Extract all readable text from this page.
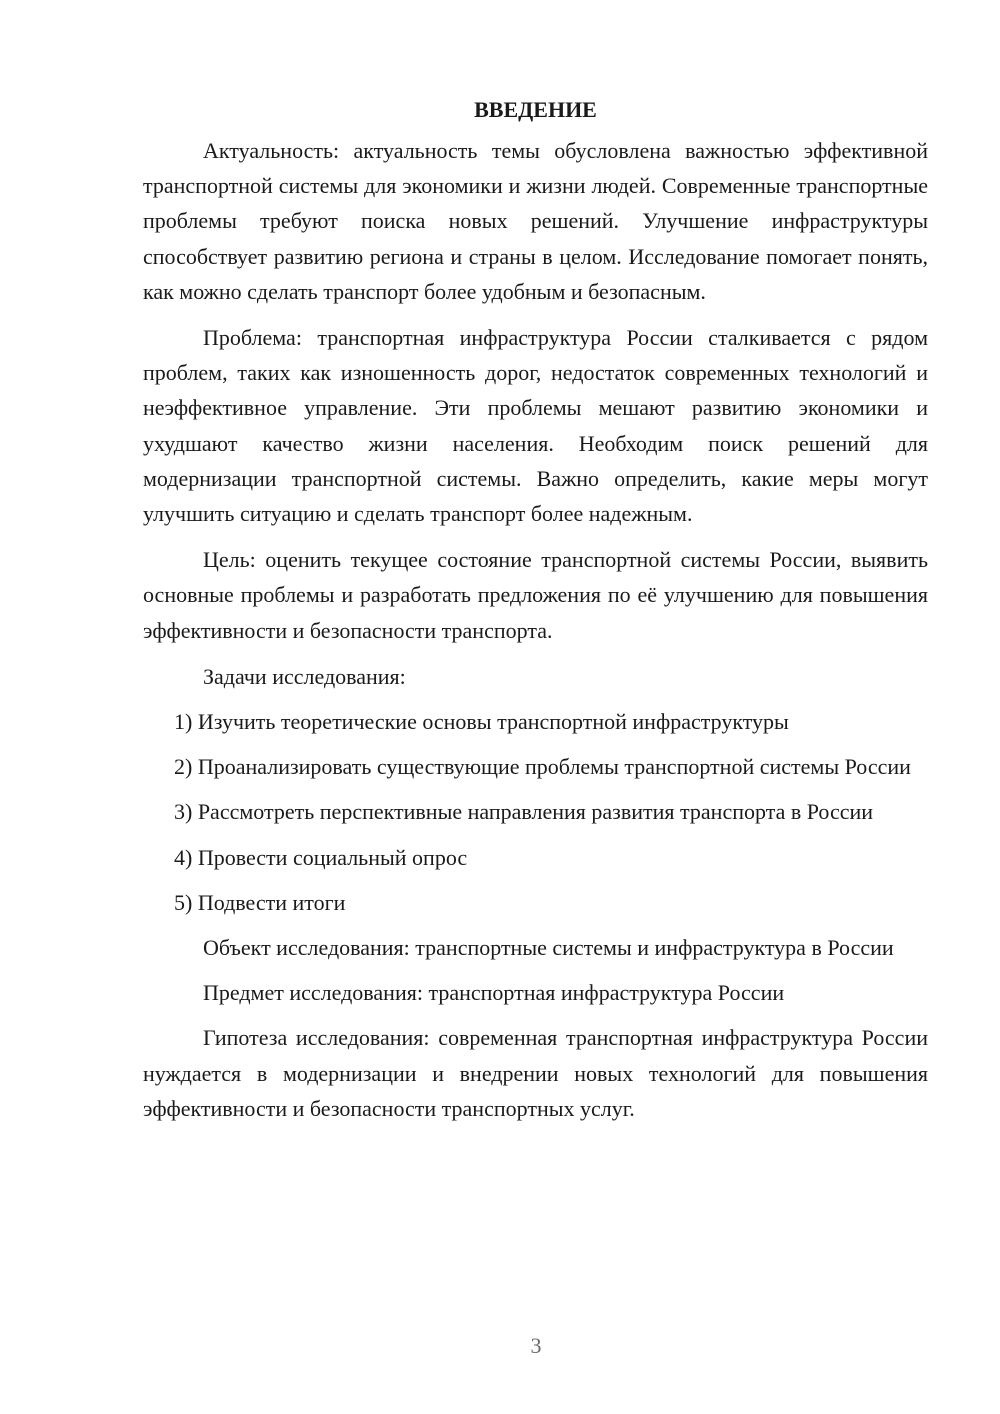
ВВЕДЕНИЕ

Актуальность: актуальность темы обусловлена важностью эффективной транспортной системы для экономики и жизни людей. Современные транспортные проблемы требуют поиска новых решений. Улучшение инфраструктуры способствует развитию региона и страны в целом. Исследование помогает понять, как можно сделать транспорт более удобным и безопасным.

Проблема: транспортная инфраструктура России сталкивается с рядом проблем, таких как изношенность дорог, недостаток современных технологий и неэффективное управление. Эти проблемы мешают развитию экономики и ухудшают качество жизни населения. Необходим поиск решений для модернизации транспортной системы. Важно определить, какие меры могут улучшить ситуацию и сделать транспорт более надежным.

Цель: оценить текущее состояние транспортной системы России, выявить основные проблемы и разработать предложения по её улучшению для повышения эффективности и безопасности транспорта.

Задачи исследования:

1) Изучить теоретические основы транспортной инфраструктуры

2) Проанализировать существующие проблемы транспортной системы России

3) Рассмотреть перспективные направления развития транспорта в России

4) Провести социальный опрос

5) Подвести итоги

Объект исследования: транспортные системы и инфраструктура в России

Предмет исследования: транспортная инфраструктура России

Гипотеза исследования: современная транспортная инфраструктура России нуждается в модернизации и внедрении новых технологий для повышения эффективности и безопасности транспортных услуг.

3
